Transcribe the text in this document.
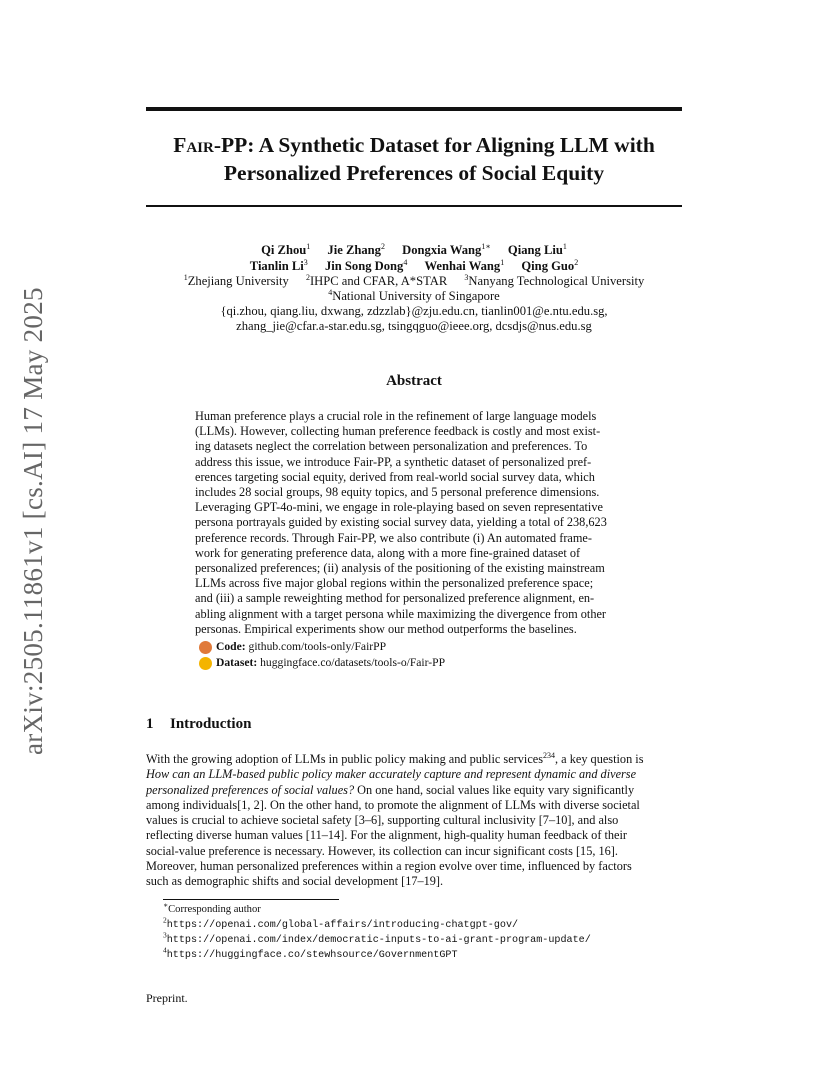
arXiv:2505.11861v1 [cs.AI] 17 May 2025
Fair-PP: A Synthetic Dataset for Aligning LLM with
Personalized Preferences of Social Equity
Qi Zhou$^1$ Jie Zhang$^2$ Dongxia Wang$^{1∗}$ Qiang Liu$^1$
Tianlin Li$^3$ Jin Song Dong$^4$ Wenhai Wang$^1$ Qing Guo$^2$
$^1$Zhejiang University $^2$IHPC and CFAR, A*STAR $^3$Nanyang Technological University
$^4$National University of Singapore
{qi.zhou, qiang.liu, dxwang, zdzzlab}@zju.edu.cn, tianlin001@e.ntu.edu.sg,
zhang_jie@cfar.a-star.edu.sg, tsingqguo@ieee.org, dcsdjs@nus.edu.sg
Abstract
Human preference plays a crucial role in the refinement of large language models
(LLMs). However, collecting human preference feedback is costly and most exist-
ing datasets neglect the correlation between personalization and preferences. To
address this issue, we introduce Fair-PP, a synthetic dataset of personalized pref-
erences targeting social equity, derived from real-world social survey data, which
includes 28 social groups, 98 equity topics, and 5 personal preference dimensions.
Leveraging GPT-4o-mini, we engage in role-playing based on seven representative
persona portrayals guided by existing social survey data, yielding a total of 238,623
preference records. Through Fair-PP, we also contribute (i) An automated frame-
work for generating preference data, along with a more fine-grained dataset of
personalized preferences; (ii) analysis of the positioning of the existing mainstream
LLMs across five major global regions within the personalized preference space;
and (iii) a sample reweighting method for personalized preference alignment, en-
abling alignment with a target persona while maximizing the divergence from other
personas. Empirical experiments show our method outperforms the baselines.
Code: github.com/tools-only/FairPP
Dataset: huggingface.co/datasets/tools-o/Fair-PP
1 Introduction
With the growing adoption of LLMs in public policy making and public services$^{234}$, a key question is
How can an LLM-based public policy maker accurately capture and represent dynamic and diverse
personalized preferences of social values? On one hand, social values like equity vary significantly
among individuals[1, 2]. On the other hand, to promote the alignment of LLMs with diverse societal
values is crucial to achieve societal safety [3–6], supporting cultural inclusivity [7–10], and also
reflecting diverse human values [11–14]. For the alignment, high-quality human feedback of their
social-value preference is necessary. However, its collection can incur significant costs [15, 16].
Moreover, human personalized preferences within a region evolve over time, influenced by factors
such as demographic shifts and social development [17–19].
∗Corresponding author
$^2$https://openai.com/global-affairs/introducing-chatgpt-gov/
$^3$https://openai.com/index/democratic-inputs-to-ai-grant-program-update/
$^4$https://huggingface.co/stewhsource/GovernmentGPT
Preprint.
